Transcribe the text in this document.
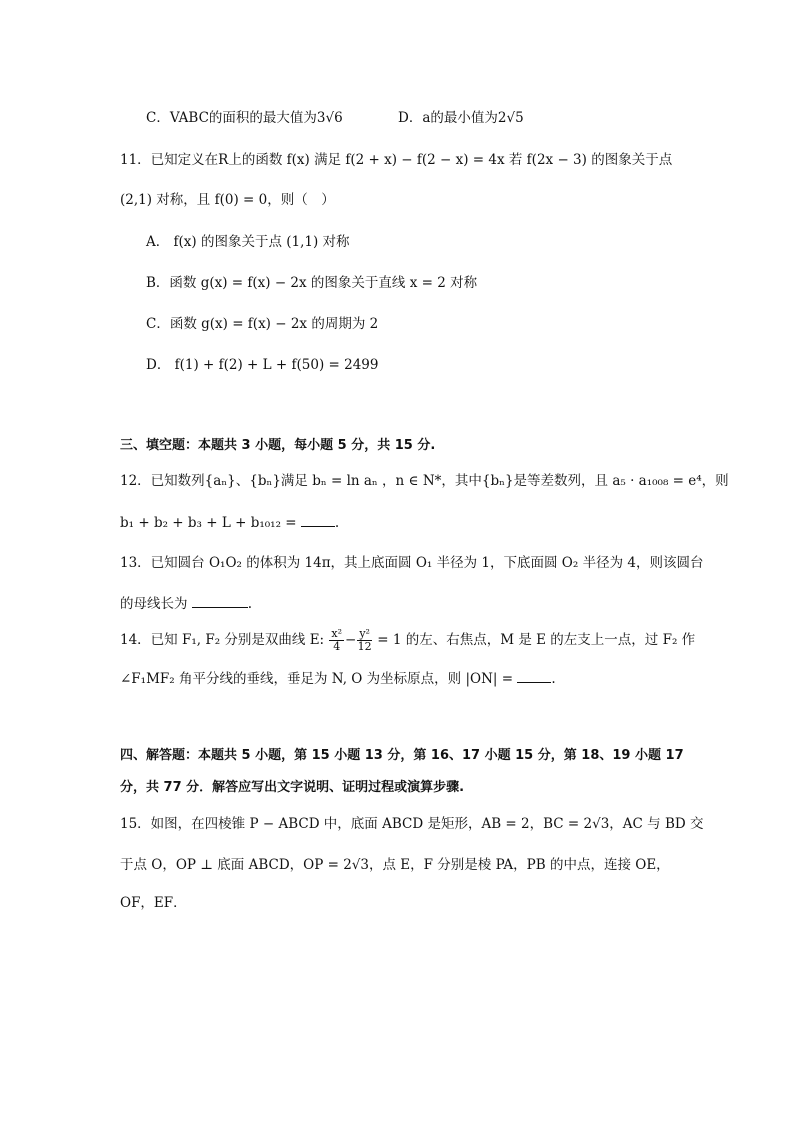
C．VABC的面积的最大值为3√6	D．a的最小值为2√5
11．已知定义在R上的函数 f(x) 满足 f(2 + x) − f(2 − x) = 4x 若 f(2x − 3) 的图象关于点
(2,1) 对称，且 f(0) = 0，则（　）
A． f(x) 的图象关于点 (1,1) 对称
B．函数 g(x) = f(x) − 2x 的图象关于直线 x = 2 对称
C．函数 g(x) = f(x) − 2x 的周期为 2
D． f(1) + f(2) + L + f(50) = 2499
三、填空题：本题共 3 小题，每小题 5 分，共 15 分.
12．已知数列{aₙ}、{bₙ}满足 bₙ = ln aₙ ，n ∈ N*，其中{bₙ}是等差数列，且 a₅ · a₁₀₀₈ = e⁴，则
b₁ + b₂ + b₃ + L + b₁₀₁₂ =	.
13．已知圆台 O₁O₂ 的体积为 14π，其上底面圆 O₁ 半径为 1，下底面圆 O₂ 半径为 4，则该圆台
的母线长为	.
14．已知 F₁, F₂ 分别是双曲线 E: $\frac{\text{x²}}{4} - \frac{\text{y²}}{12} = 1$ 的左、右焦点，M 是 E 的左支上一点，过 F₂ 作
∠F₁MF₂ 角平分线的垂线，垂足为 N, O 为坐标原点，则 |ON| =	.
四、解答题：本题共 5 小题，第 15 小题 13 分，第 16、17 小题 15 分，第 18、19 小题 17
分，共 77 分．解答应写出文字说明、证明过程或演算步骤.
15．如图，在四棱锥 P − ABCD 中，底面 ABCD 是矩形，AB = 2，BC = 2√3，AC 与 BD 交
于点 O，OP ⊥ 底面 ABCD，OP = 2√3，点 E，F 分别是棱 PA，PB 的中点，连接 OE，
OF，EF．
